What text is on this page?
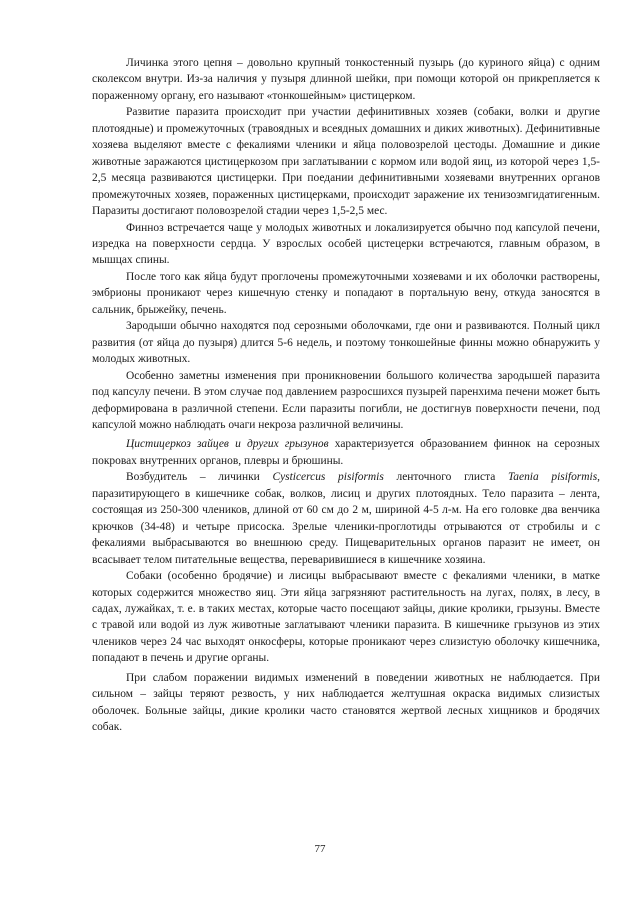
Личинка этого цепня – довольно крупный тонкостенный пузырь (до куриного яйца) с одним сколексом внутри. Из-за наличия у пузыря длинной шейки, при помощи которой он прикрепляется к пораженному органу, его называют «тонкошейным» цистицерком.

Развитие паразита происходит при участии дефинитивных хозяев (собаки, волки и другие плотоядные) и промежуточных (травоядных и всеядных домашних и диких животных). Дефинитивные хозяева выделяют вместе с фекалиями членики и яйца половозрелой цестоды. Домашние и дикие животные заражаются цистицеркозом при заглатывании с кормом или водой яиц, из которой через 1,5-2,5 месяца развиваются цистицерки. При поедании дефинитивными хозяевами внутренних органов промежуточных хозяев, пораженных цистицерками, происходит заражение их тенизозмгидатигенным. Паразиты достигают половозрелой стадии через 1,5-2,5 мес.

Финноз встречается чаще у молодых животных и локализируется обычно под капсулой печени, изредка на поверхности сердца. У взрослых особей цистецерки встречаются, главным образом, в мышцах спины.

После того как яйца будут проглочены промежуточными хозяевами и их оболочки растворены, эмбрионы проникают через кишечную стенку и попадают в портальную вену, откуда заносятся в сальник, брыжейку, печень.

Зародыши обычно находятся под серозными оболочками, где они и развиваются. Полный цикл развития (от яйца до пузыря) длится 5-6 недель, и поэтому тонкошейные финны можно обнаружить у молодых животных.

Особенно заметны изменения при проникновении большого количества зародышей паразита под капсулу печени. В этом случае под давлением разросшихся пузырей паренхима печени может быть деформирована в различной степени. Если паразиты погибли, не достигнув поверхности печени, под капсулой можно наблюдать очаги некроза различной величины.

Цистицеркоз зайцев и других грызунов характеризуется образованием финнок на серозных покровах внутренних органов, плевры и брюшины.

Возбудитель – личинки Cysticercus pisiformis ленточного глиста Taenia pisiformis, паразитирующего в кишечнике собак, волков, лисиц и других плотоядных. Тело паразита – лента, состоящая из 250-300 члеников, длиной от 60 см до 2 м, шириной 4-5 л-м. На его головке два венчика крючков (34-48) и четыре присоска. Зрелые членики-проглотиды отрываются от стробилы и с фекалиями выбрасываются во внешнюю среду. Пищеварительных органов паразит не имеет, он всасывает телом питательные вещества, переваривишиеся в кишечнике хозяина.

Собаки (особенно бродячие) и лисицы выбрасывают вместе с фекалиями членики, в матке которых содержится множество яиц. Эти яйца загрязняют растительность на лугах, полях, в лесу, в садах, лужайках, т. е. в таких местах, которые часто посещают зайцы, дикие кролики, грызуны. Вместе с травой или водой из луж животные заглатывают членики паразита. В кишечнике грызунов из этих члеников через 24 час выходят онкосферы, которые проникают через слизистую оболочку кишечника, попадают в печень и другие органы.

При слабом поражении видимых изменений в поведении животных не наблюдается. При сильном – зайцы теряют резвость, у них наблюдается желтушная окраска видимых слизистых оболочек. Больные зайцы, дикие кролики часто становятся жертвой лесных хищников и бродячих собак.

77
